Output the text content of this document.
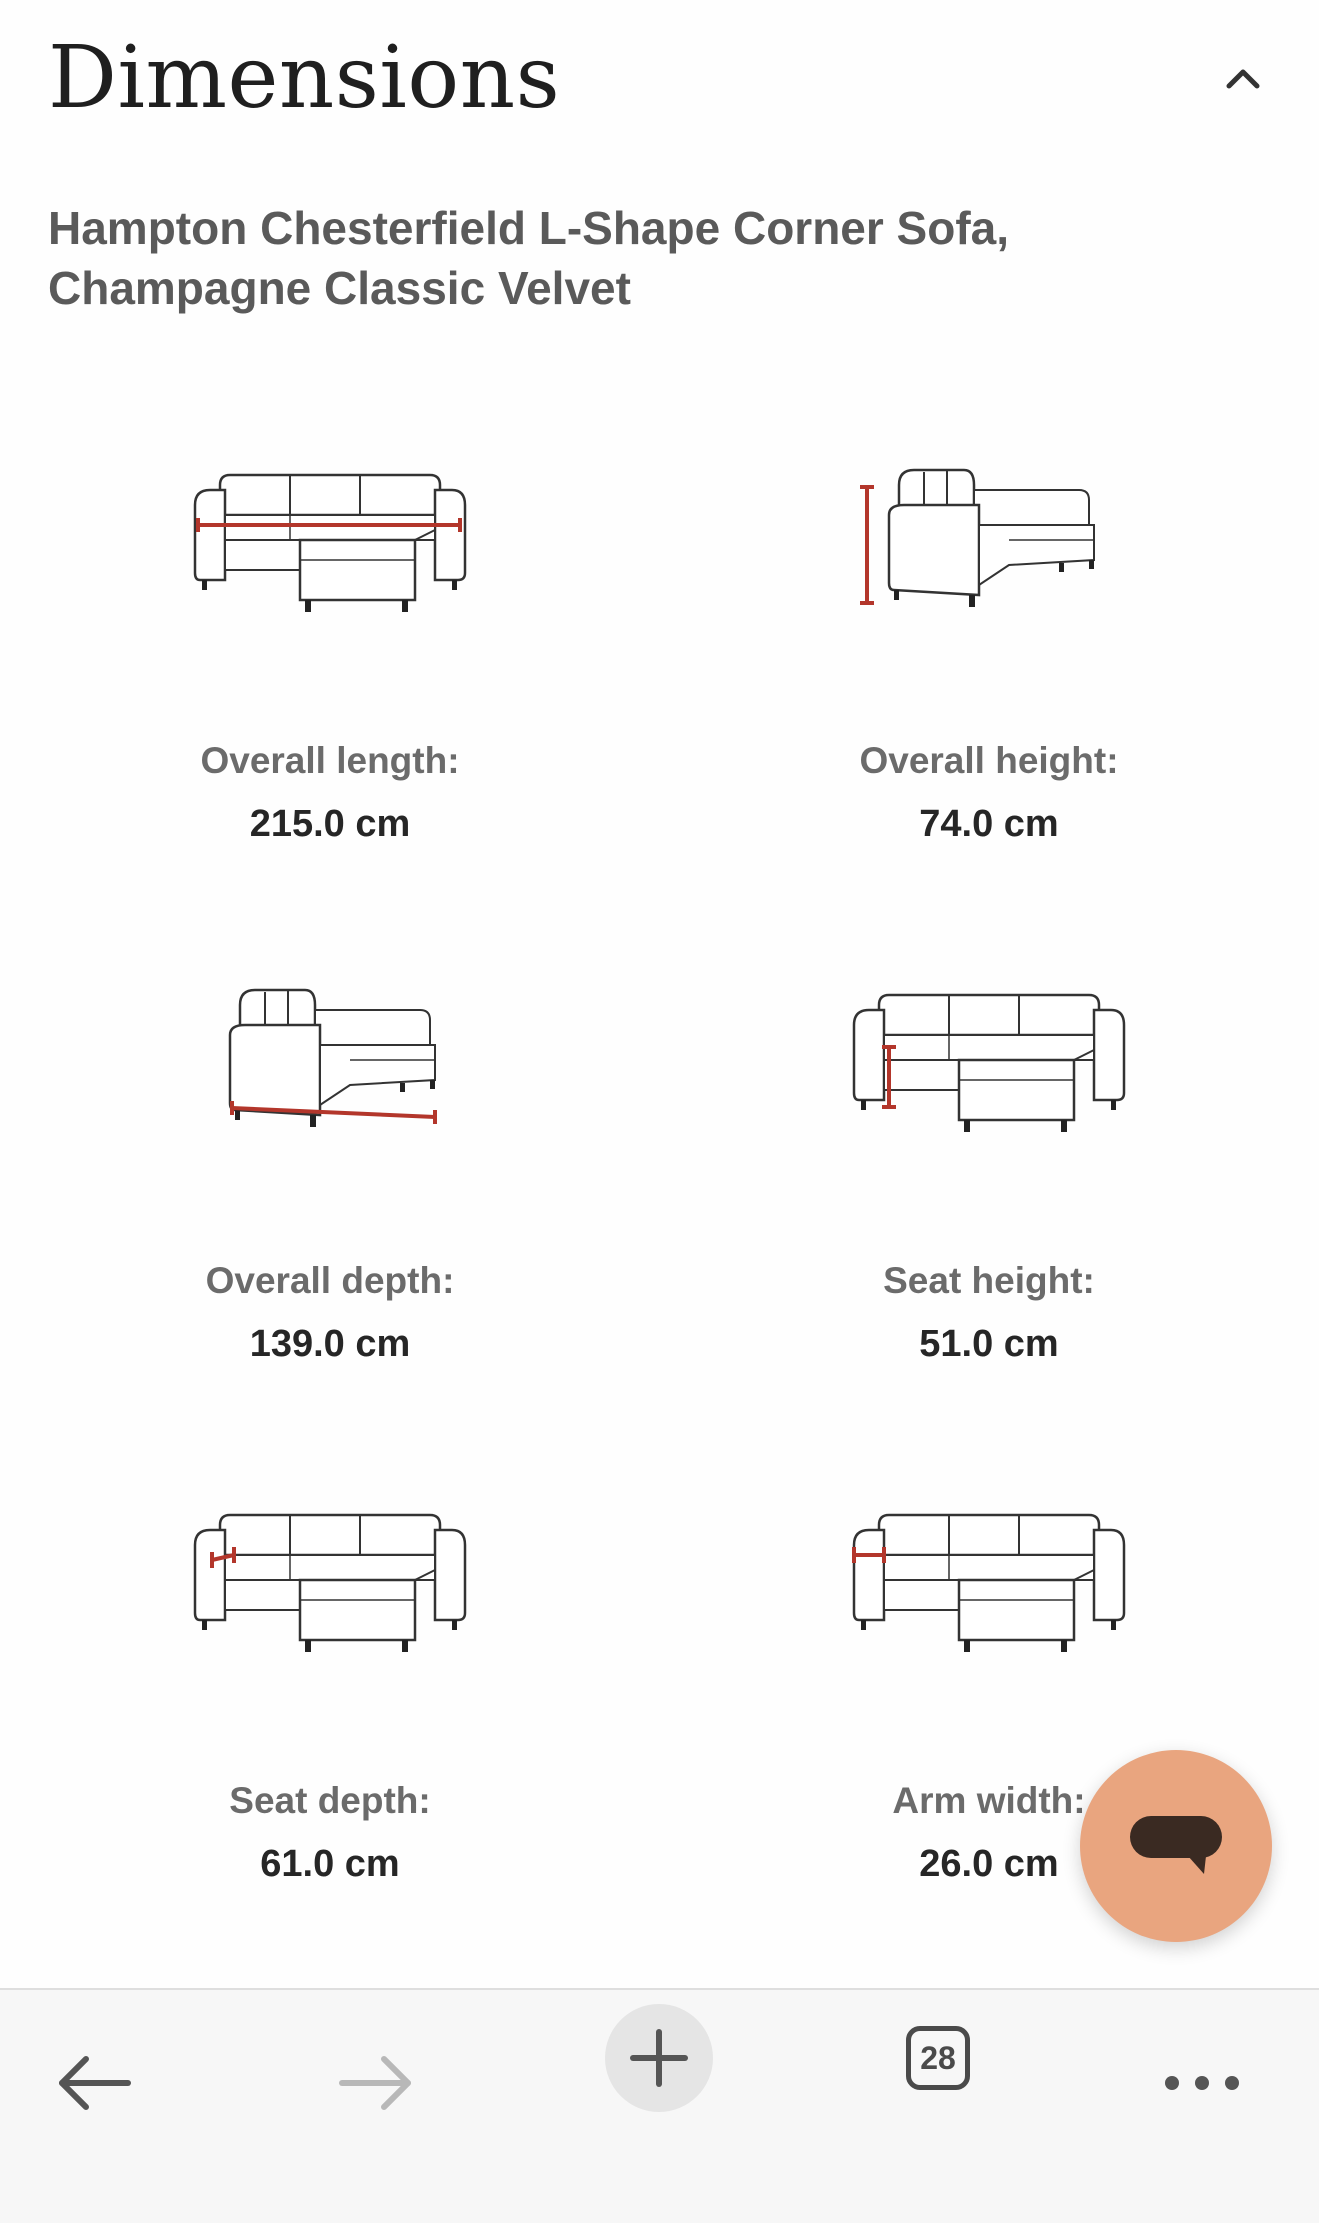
Dimensions
Hampton Chesterfield L-Shape Corner Sofa, Champagne Classic Velvet
Overall length:
215.0 cm
Overall height:
74.0 cm
Overall depth:
139.0 cm
Seat height:
51.0 cm
Seat depth:
61.0 cm
Arm width:
26.0 cm
28
